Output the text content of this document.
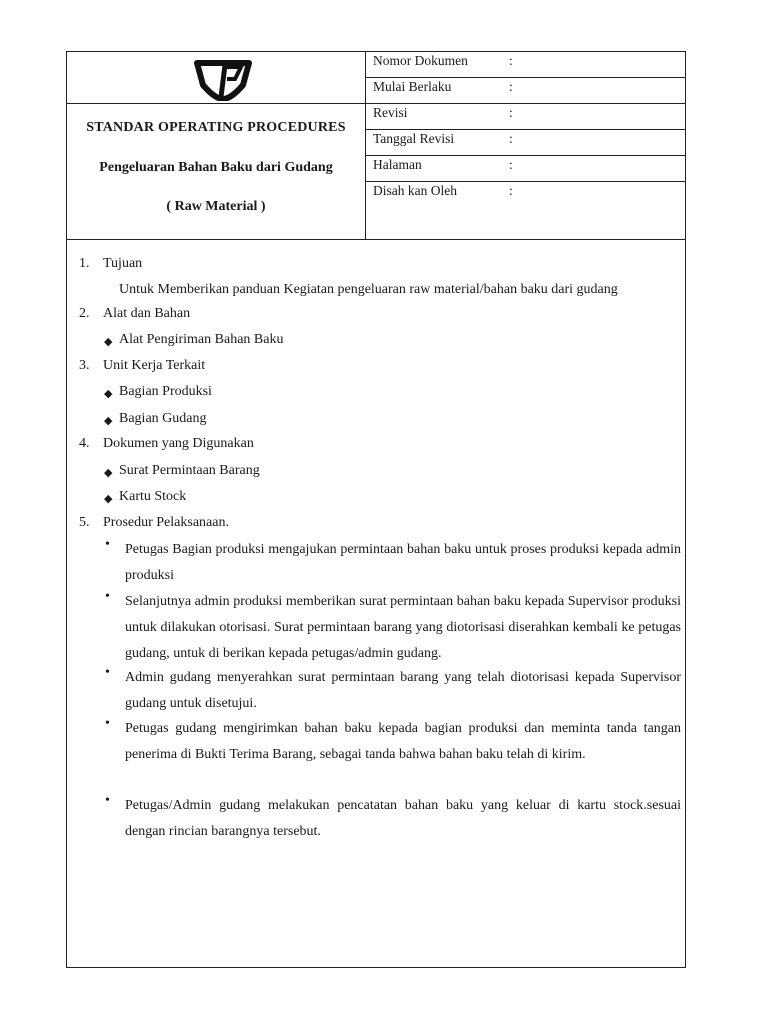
STANDAR OPERATING PROCEDURES
Pengeluaran Bahan Baku dari Gudang
( Raw Material )
Nomor Dokumen	:
Mulai Berlaku	:
Revisi	:
Tanggal Revisi	:
Halaman	:
Disah kan Oleh	:
1. Tujuan
Untuk Memberikan panduan Kegiatan pengeluaran raw material/bahan baku dari gudang
2. Alat dan Bahan
◆ Alat Pengiriman Bahan Baku
3. Unit Kerja Terkait
◆ Bagian Produksi
◆ Bagian Gudang
4. Dokumen yang Digunakan
◆ Surat Permintaan Barang
◆ Kartu Stock
5. Prosedur Pelaksanaan.
• Petugas Bagian produksi mengajukan permintaan bahan baku untuk proses produksi kepada admin produksi
• Selanjutnya admin produksi memberikan surat permintaan bahan baku kepada Supervisor produksi untuk dilakukan otorisasi. Surat permintaan barang yang diotorisasi diserahkan kembali ke petugas gudang, untuk di berikan kepada petugas/admin gudang.
• Admin gudang menyerahkan surat permintaan barang yang telah diotorisasi kepada Supervisor gudang untuk disetujui.
• Petugas gudang mengirimkan bahan baku kepada bagian produksi dan meminta tanda tangan penerima di Bukti Terima Barang, sebagai tanda bahwa bahan baku telah di kirim.
• Petugas/Admin gudang melakukan pencatatan bahan baku yang keluar di kartu stock.sesuai dengan rincian barangnya tersebut.
